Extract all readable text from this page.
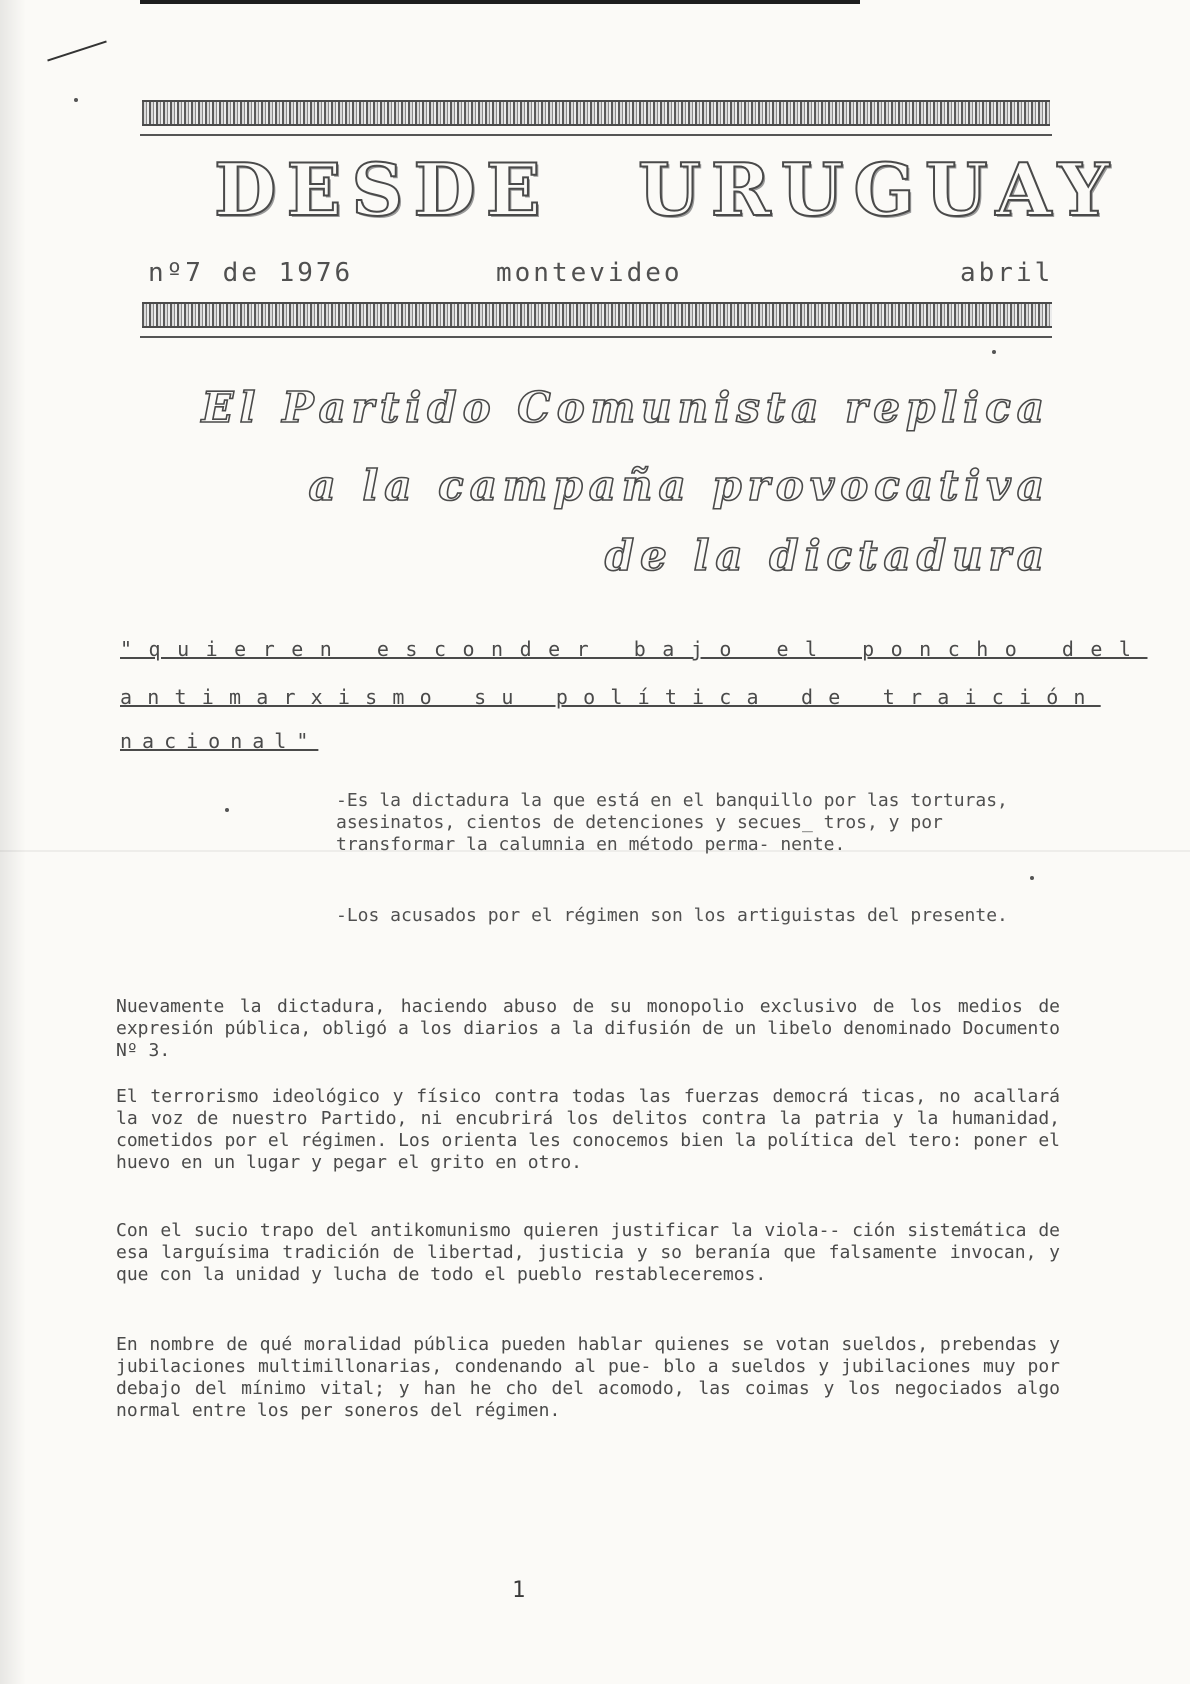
DESDE URUGUAY
nº7 de 1976	montevideo	abril
El Partido Comunista replica
a la campaña provocativa
de la dictadura
"quieren esconder bajo el poncho del
antimarxismo su política de traición
nacional"
-Es la dictadura la que está en el banquillo por las torturas, asesinatos, cientos de detenciones y secues_ tros, y por transformar la calumnia en método perma- nente.
-Los acusados por el régimen son los artiguistas del presente.
Nuevamente la dictadura, haciendo abuso de su monopolio exclusivo de los medios de expresión pública, obligó a los diarios a la difusión de un libelo denominado Documento Nº 3.
El terrorismo ideológico y físico contra todas las fuerzas democrá ticas, no acallará la voz de nuestro Partido, ni encubrirá los delitos contra la patria y la humanidad, cometidos por el régimen. Los orienta les conocemos bien la política del tero: poner el huevo en un lugar y pegar el grito en otro.
Con el sucio trapo del antikomunismo quieren justificar la viola-- ción sistemática de esa larguísima tradición de libertad, justicia y so beranía que falsamente invocan, y que con la unidad y lucha de todo el pueblo restableceremos.
En nombre de qué moralidad pública pueden hablar quienes se votan sueldos, prebendas y jubilaciones multimillonarias, condenando al pue- blo a sueldos y jubilaciones muy por debajo del mínimo vital; y han he cho del acomodo, las coimas y los negociados algo normal entre los per soneros del régimen.
1
